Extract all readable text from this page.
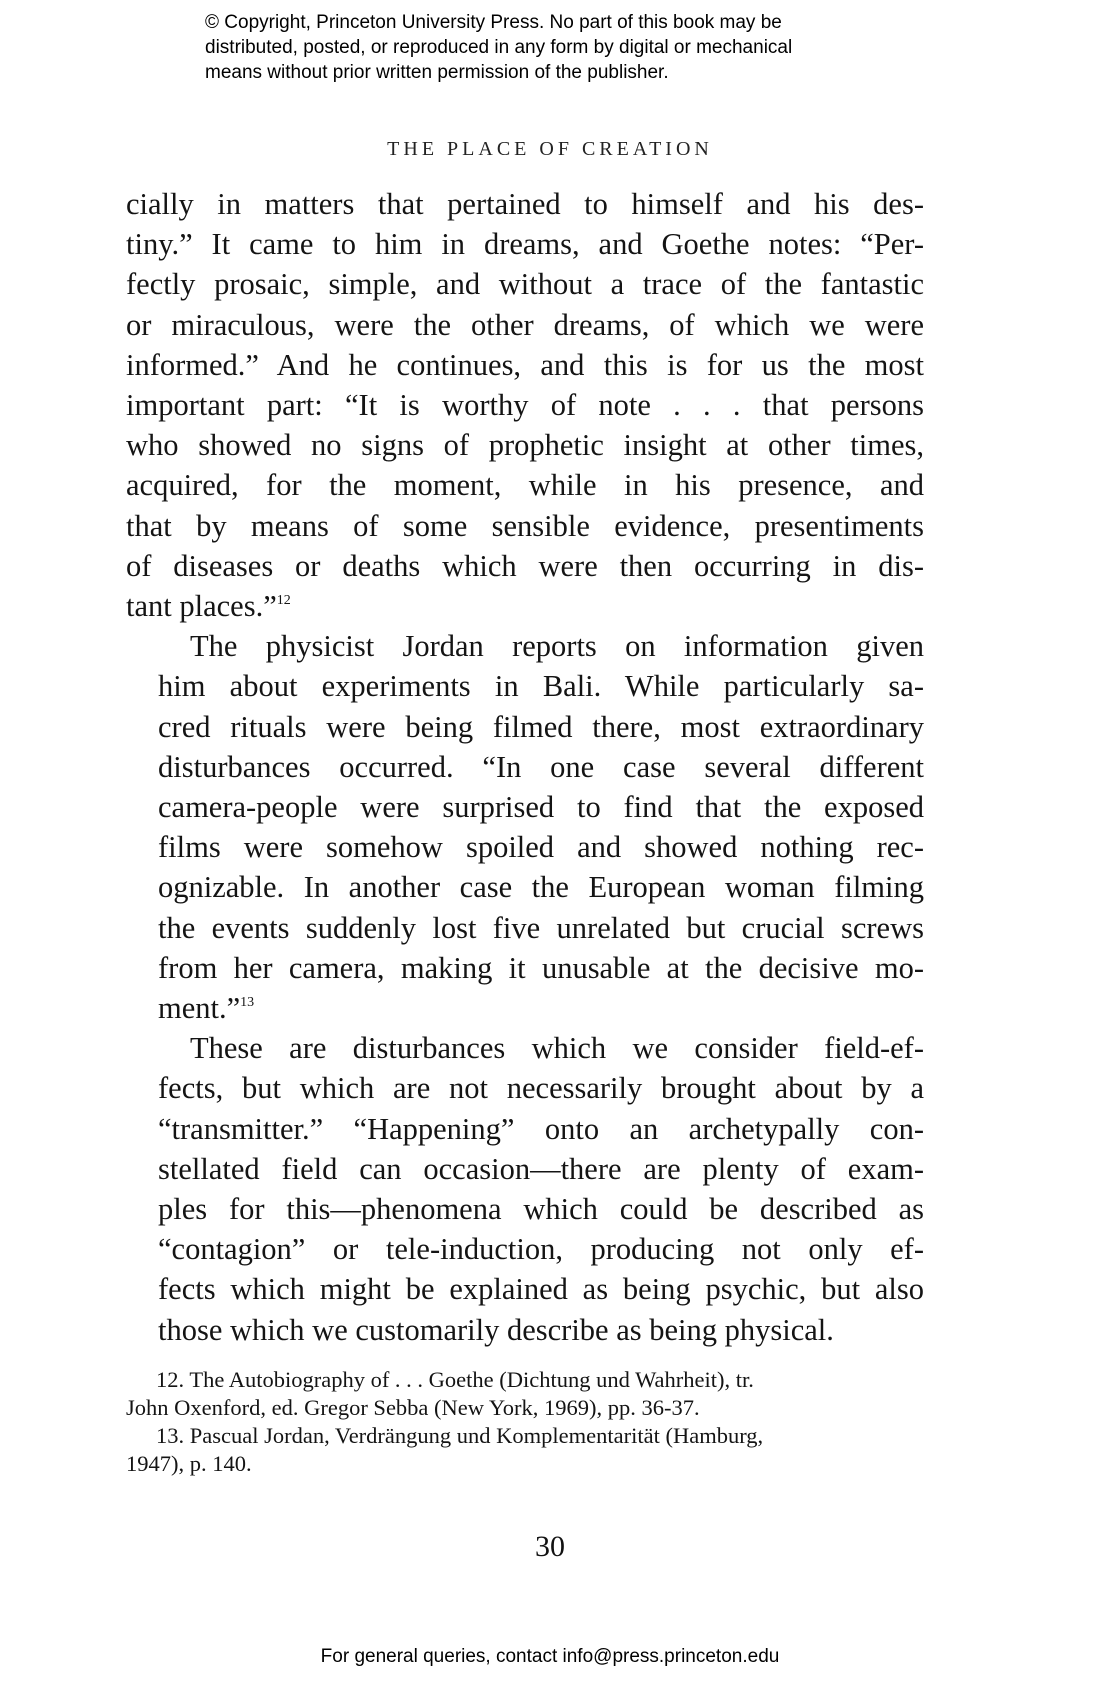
© Copyright, Princeton University Press. No part of this book may be
distributed, posted, or reproduced in any form by digital or mechanical
means without prior written permission of the publisher.
THE PLACE OF CREATION
cially in matters that pertained to himself and his des-
tiny.” It came to him in dreams, and Goethe notes: “Per-
fectly prosaic, simple, and without a trace of the fantastic
or miraculous, were the other dreams, of which we were
informed.” And he continues, and this is for us the most
important part: “It is worthy of note . . . that persons
who showed no signs of prophetic insight at other times,
acquired, for the moment, while in his presence, and
that by means of some sensible evidence, presentiments
of diseases or deaths which were then occurring in dis-
tant places.”$^{12}$
The physicist Jordan reports on information given
him about experiments in Bali. While particularly sa-
cred rituals were being filmed there, most extraordinary
disturbances occurred. “In one case several different
camera-people were surprised to find that the exposed
films were somehow spoiled and showed nothing rec-
ognizable. In another case the European woman filming
the events suddenly lost five unrelated but crucial screws
from her camera, making it unusable at the decisive mo-
ment.”$^{13}$
These are disturbances which we consider field-ef-
fects, but which are not necessarily brought about by a
“transmitter.” “Happening” onto an archetypally con-
stellated field can occasion—there are plenty of exam-
ples for this—phenomena which could be described as
“contagion” or tele-induction, producing not only ef-
fects which might be explained as being psychic, but also
those which we customarily describe as being physical.
12. The Autobiography of . . . Goethe (Dichtung und Wahrheit), tr.
John Oxenford, ed. Gregor Sebba (New York, 1969), pp. 36-37.
13. Pascual Jordan, Verdrängung und Komplementarität (Hamburg,
1947), p. 140.
30
For general queries, contact info@press.princeton.edu
